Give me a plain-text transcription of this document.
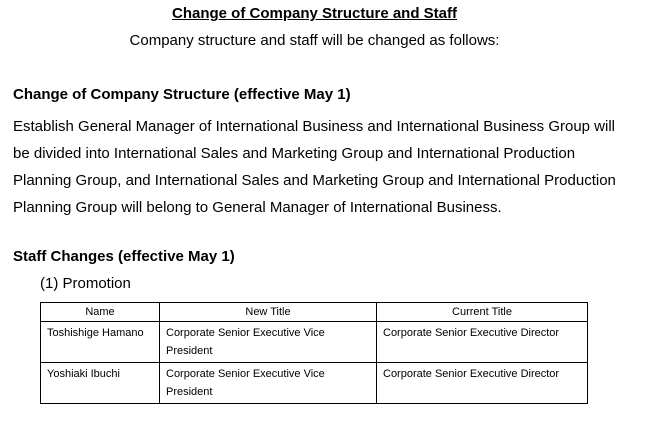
Change of Company Structure and Staff
Company structure and staff will be changed as follows:
Change of Company Structure (effective May 1)

Establish General Manager of International Business and International Business Group will be divided into International Sales and Marketing Group and International Production Planning Group, and International Sales and Marketing Group and International Production Planning Group will belong to General Manager of International Business.

Staff Changes (effective May 1)
(1) Promotion
Name	New Title	Current Title
Toshishige Hamano	Corporate Senior Executive Vice President	Corporate Senior Executive Director
Yoshiaki Ibuchi	Corporate Senior Executive Vice President	Corporate Senior Executive Director
